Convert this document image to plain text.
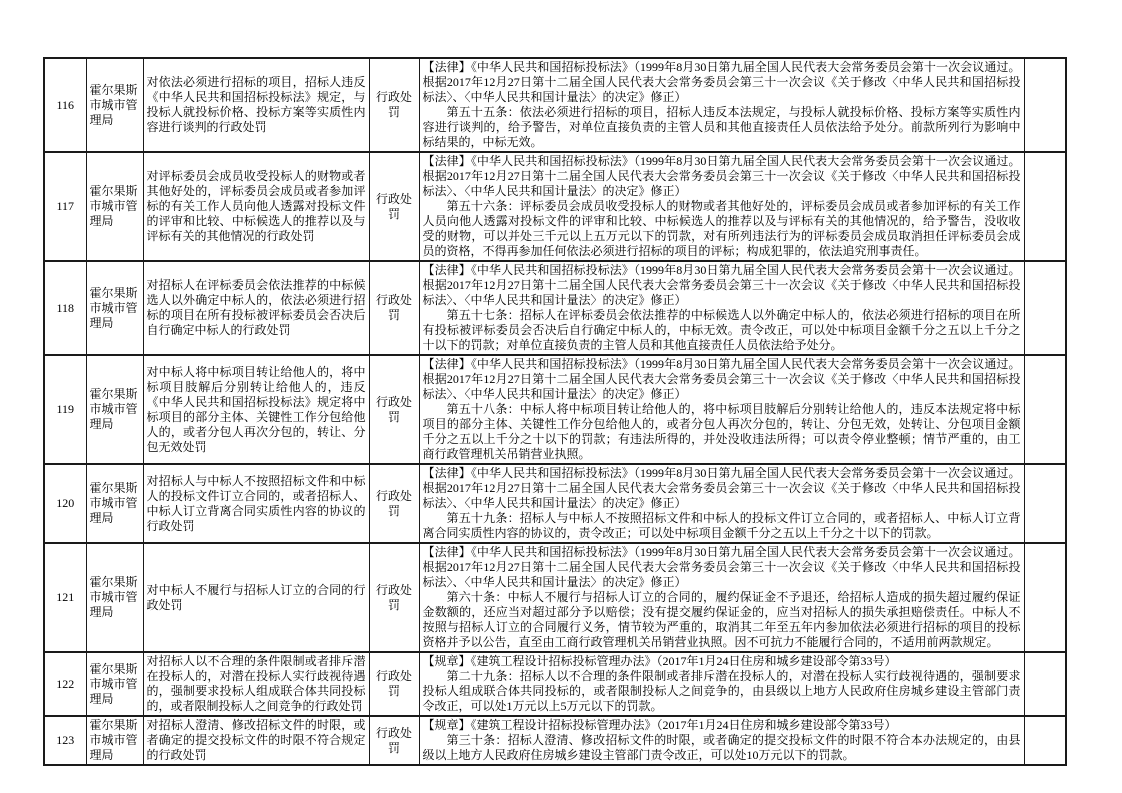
116	霍尔果斯市城市管理局	对依法必须进行招标的项目，招标人违反《中华人民共和国招标投标法》规定，与投标人就投标价格、投标方案等实质性内容进行谈判的行政处罚	行政处罚	【法律】《中华人民共和国招标投标法》（1999年8月30日第九届全国人民代表大会常务委员会第十一次会议通过。根据2017年12月27日第十二届全国人民代表大会常务委员会第三十一次会议《关于修改〈中华人民共和国招标投标法〉、〈中华人民共和国计量法〉的决定》修正）

第五十五条：依法必须进行招标的项目，招标人违反本法规定，与投标人就投标价格、投标方案等实质性内容进行谈判的，给予警告，对单位直接负责的主管人员和其他直接责任人员依法给予处分。前款所列行为影响中标结果的，中标无效。	

117	霍尔果斯市城市管理局	对评标委员会成员收受投标人的财物或者其他好处的，评标委员会成员或者参加评标的有关工作人员向他人透露对投标文件的评审和比较、中标候选人的推荐以及与评标有关的其他情况的行政处罚	行政处罚	【法律】《中华人民共和国招标投标法》（1999年8月30日第九届全国人民代表大会常务委员会第十一次会议通过。根据2017年12月27日第十二届全国人民代表大会常务委员会第三十一次会议《关于修改〈中华人民共和国招标投标法〉、〈中华人民共和国计量法〉的决定》修正）

第五十六条：评标委员会成员收受投标人的财物或者其他好处的，评标委员会成员或者参加评标的有关工作人员向他人透露对投标文件的评审和比较、中标候选人的推荐以及与评标有关的其他情况的，给予警告，没收收受的财物，可以并处三千元以上五万元以下的罚款，对有所列违法行为的评标委员会成员取消担任评标委员会成员的资格，不得再参加任何依法必须进行招标的项目的评标；构成犯罪的，依法追究刑事责任。	

118	霍尔果斯市城市管理局	对招标人在评标委员会依法推荐的中标候选人以外确定中标人的，依法必须进行招标的项目在所有投标被评标委员会否决后自行确定中标人的行政处罚	行政处罚	【法律】《中华人民共和国招标投标法》（1999年8月30日第九届全国人民代表大会常务委员会第十一次会议通过。根据2017年12月27日第十二届全国人民代表大会常务委员会第三十一次会议《关于修改〈中华人民共和国招标投标法〉、〈中华人民共和国计量法〉的决定》修正）

第五十七条：招标人在评标委员会依法推荐的中标候选人以外确定中标人的，依法必须进行招标的项目在所有投标被评标委员会否决后自行确定中标人的，中标无效。责令改正，可以处中标项目金额千分之五以上千分之十以下的罚款；对单位直接负责的主管人员和其他直接责任人员依法给予处分。	

119	霍尔果斯市城市管理局	对中标人将中标项目转让给他人的，将中标项目肢解后分别转让给他人的，违反《中华人民共和国招标投标法》规定将中标项目的部分主体、关键性工作分包给他人的，或者分包人再次分包的，转让、分包无效处罚	行政处罚	【法律】《中华人民共和国招标投标法》（1999年8月30日第九届全国人民代表大会常务委员会第十一次会议通过。根据2017年12月27日第十二届全国人民代表大会常务委员会第三十一次会议《关于修改〈中华人民共和国招标投标法〉、〈中华人民共和国计量法〉的决定》修正）

第五十八条：中标人将中标项目转让给他人的，将中标项目肢解后分别转让给他人的，违反本法规定将中标项目的部分主体、关键性工作分包给他人的，或者分包人再次分包的，转让、分包无效，处转让、分包项目金额千分之五以上千分之十以下的罚款；有违法所得的，并处没收违法所得；可以责令停业整顿；情节严重的，由工商行政管理机关吊销营业执照。	

120	霍尔果斯市城市管理局	对招标人与中标人不按照招标文件和中标人的投标文件订立合同的，或者招标人、中标人订立背离合同实质性内容的协议的行政处罚	行政处罚	【法律】《中华人民共和国招标投标法》（1999年8月30日第九届全国人民代表大会常务委员会第十一次会议通过。根据2017年12月27日第十二届全国人民代表大会常务委员会第三十一次会议《关于修改〈中华人民共和国招标投标法〉、〈中华人民共和国计量法〉的决定》修正）

第五十九条：招标人与中标人不按照招标文件和中标人的投标文件订立合同的，或者招标人、中标人订立背离合同实质性内容的协议的，责令改正；可以处中标项目金额千分之五以上千分之十以下的罚款。	

121	霍尔果斯市城市管理局	对中标人不履行与招标人订立的合同的行政处罚	行政处罚	【法律】《中华人民共和国招标投标法》（1999年8月30日第九届全国人民代表大会常务委员会第十一次会议通过。根据2017年12月27日第十二届全国人民代表大会常务委员会第三十一次会议《关于修改〈中华人民共和国招标投标法〉、〈中华人民共和国计量法〉的决定》修正）

第六十条：中标人不履行与招标人订立的合同的，履约保证金不予退还，给招标人造成的损失超过履约保证金数额的，还应当对超过部分予以赔偿；没有提交履约保证金的，应当对招标人的损失承担赔偿责任。中标人不按照与招标人订立的合同履行义务，情节较为严重的，取消其二年至五年内参加依法必须进行招标的项目的投标资格并予以公告，直至由工商行政管理机关吊销营业执照。因不可抗力不能履行合同的，不适用前两款规定。	

122	霍尔果斯市城市管理局	对招标人以不合理的条件限制或者排斥潜在投标人的，对潜在投标人实行歧视待遇的，强制要求投标人组成联合体共同投标的，或者限制投标人之间竞争的行政处罚	行政处罚	【规章】《建筑工程设计招标投标管理办法》（2017年1月24日住房和城乡建设部令第33号）

第二十九条：招标人以不合理的条件限制或者排斥潜在投标人的，对潜在投标人实行歧视待遇的，强制要求投标人组成联合体共同投标的，或者限制投标人之间竞争的，由县级以上地方人民政府住房城乡建设主管部门责令改正，可以处1万元以上5万元以下的罚款。	

123	霍尔果斯市城市管理局	对招标人澄清、修改招标文件的时限，或者确定的提交投标文件的时限不符合规定的行政处罚	行政处罚	【规章】《建筑工程设计招标投标管理办法》（2017年1月24日住房和城乡建设部令第33号）

第三十条：招标人澄清、修改招标文件的时限，或者确定的提交投标文件的时限不符合本办法规定的，由县级以上地方人民政府住房城乡建设主管部门责令改正，可以处10万元以下的罚款。	
